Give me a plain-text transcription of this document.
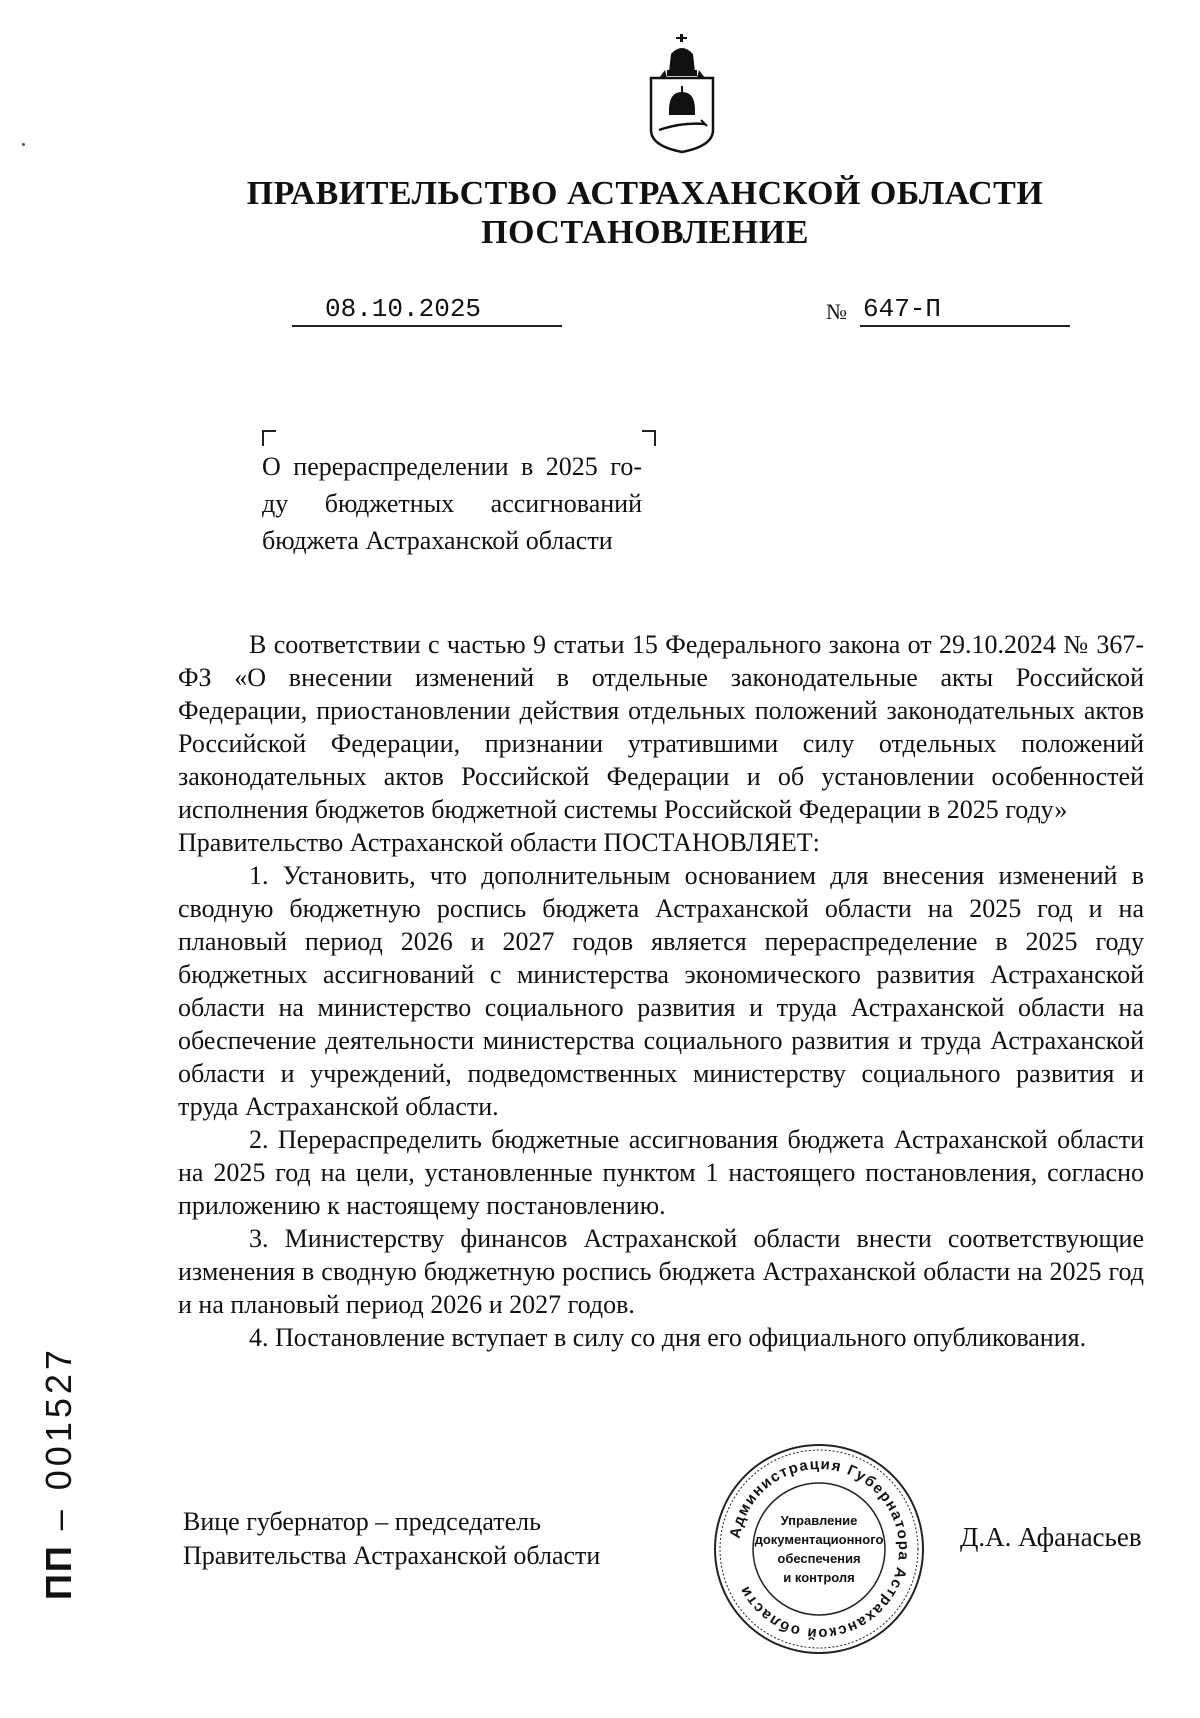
ПРАВИТЕЛЬСТВО АСТРАХАНСКОЙ ОБЛАСТИ
ПОСТАНОВЛЕНИЕ
08.10.2025	№ 647-П
О перераспределении в 2025 го-
ду бюджетных ассигнований
бюджета Астраханской области

В соответствии с частью 9 статьи 15 Федерального закона от 29.10.2024 № 367-ФЗ «О внесении изменений в отдельные законодательные акты Российской Федерации, приостановлении действия отдельных положений законодательных актов Российской Федерации, признании утратившими силу отдельных положений законодательных актов Российской Федерации и об установлении особенностей исполнения бюджетов бюджетной системы Российской Федерации в 2025 году»

Правительство Астраханской области ПОСТАНОВЛЯЕТ:

1. Установить, что дополнительным основанием для внесения изменений в сводную бюджетную роспись бюджета Астраханской области на 2025 год и на плановый период 2026 и 2027 годов является перераспределение в 2025 году бюджетных ассигнований с министерства экономического развития Астраханской области на министерство социального развития и труда Астраханской области на обеспечение деятельности министерства социального развития и труда Астраханской области и учреждений, подведомственных министерству социального развития и труда Астраханской области.

2. Перераспределить бюджетные ассигнования бюджета Астраханской области на 2025 год на цели, установленные пунктом 1 настоящего постановления, согласно приложению к настоящему постановлению.

3. Министерству финансов Астраханской области внести соответствующие изменения в сводную бюджетную роспись бюджета Астраханской области на 2025 год и на плановый период 2026 и 2027 годов.

4. Постановление вступает в силу со дня его официального опубликования.

Вице губернатор – председатель
Правительства Астраханской области
Администрация Губернатора Астраханской области
Управление
документационного
обеспечения
и контроля
Д.А. Афанасьев
ПП–001527
